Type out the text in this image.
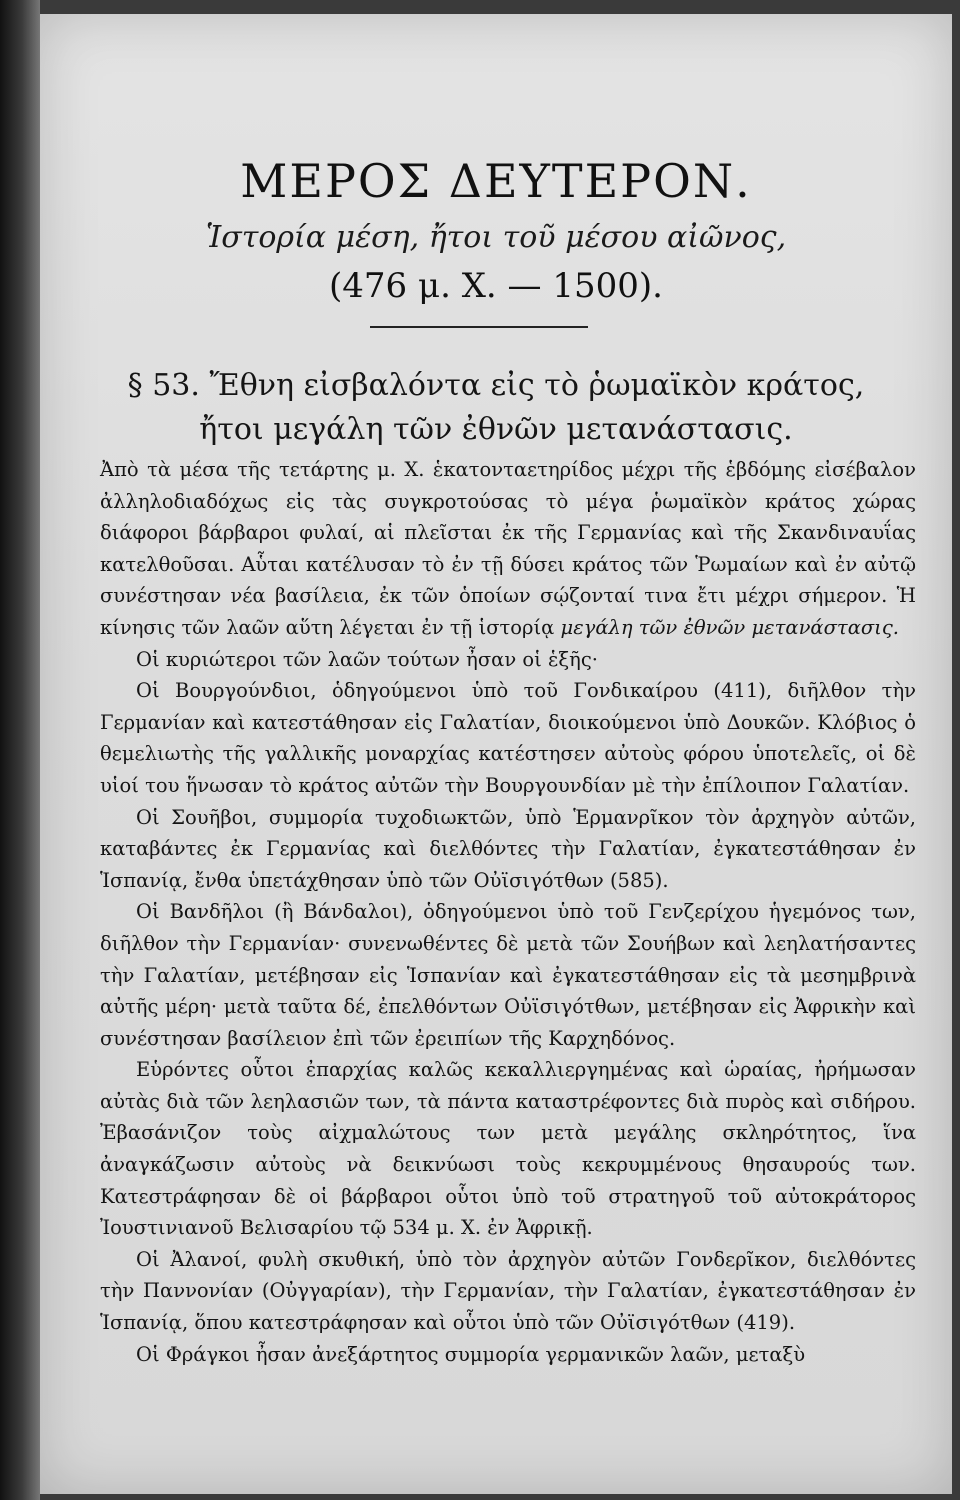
ΜΕΡΟΣ ΔΕΥΤΕΡΟΝ.
Ἱστορία μέση, ἤτοι τοῦ μέσου αἰῶνος,
(476 μ. Χ. — 1500).
§ 53. Ἔθνη εἰσβαλόντα εἰς τὸ ῥωμαϊκὸν κράτος,
ἤτοι μεγάλη τῶν ἐθνῶν μετανάστασις.

Ἀπὸ τὰ μέσα τῆς τετάρτης μ. Χ. ἑκατονταετηρίδος μέχρι τῆς ἑβδόμης εἰσέβαλον ἀλληλοδιαδόχως εἰς τὰς συγκροτούσας τὸ μέγα ῥωμαϊκὸν κράτος χώρας διάφοροι βάρβαροι φυλαί, αἱ πλεῖσται ἐκ τῆς Γερμανίας καὶ τῆς Σκανδιναυΐας κατελθοῦσαι. Αὗται κατέλυσαν τὸ ἐν τῇ δύσει κράτος τῶν Ῥωμαίων καὶ ἐν αὐτῷ συνέστησαν νέα βασίλεια, ἐκ τῶν ὁποίων σῴζονταί τινα ἔτι μέχρι σήμερον. Ἡ κίνησις τῶν λαῶν αὕτη λέγεται ἐν τῇ ἱστορίᾳ μεγάλη τῶν ἐθνῶν μετανάστασις.

Οἱ κυριώτεροι τῶν λαῶν τούτων ἦσαν οἱ ἑξῆς·

Οἱ Βουργούνδιοι, ὁδηγούμενοι ὑπὸ τοῦ Γονδικαίρου (411), διῆλθον τὴν Γερμανίαν καὶ κατεστάθησαν εἰς Γαλατίαν, διοικούμενοι ὑπὸ Δουκῶν. Κλόβιος ὁ θεμελιωτὴς τῆς γαλλικῆς μοναρχίας κατέστησεν αὐτοὺς φόρου ὑποτελεῖς, οἱ δὲ υἱοί του ἥνωσαν τὸ κράτος αὐτῶν τὴν Βουργουνδίαν μὲ τὴν ἐπίλοιπον Γαλατίαν.

Οἱ Σουῆβοι, συμμορία τυχοδιωκτῶν, ὑπὸ Ἑρμανρῖκον τὸν ἀρχηγὸν αὐτῶν, καταβάντες ἐκ Γερμανίας καὶ διελθόντες τὴν Γαλατίαν, ἐγκατεστάθησαν ἐν Ἱσπανίᾳ, ἔνθα ὑπετάχθησαν ὑπὸ τῶν Οὐϊσιγότθων (585).

Οἱ Βανδῆλοι (ἢ Βάνδαλοι), ὁδηγούμενοι ὑπὸ τοῦ Γενζερίχου ἡγεμόνος των, διῆλθον τὴν Γερμανίαν· συνενωθέντες δὲ μετὰ τῶν Σουήβων καὶ λεηλατήσαντες τὴν Γαλατίαν, μετέβησαν εἰς Ἱσπανίαν καὶ ἐγκατεστάθησαν εἰς τὰ μεσημβρινὰ αὐτῆς μέρη· μετὰ ταῦτα δέ, ἐπελθόντων Οὐϊσιγότθων, μετέβησαν εἰς Ἀφρικὴν καὶ συνέστησαν βασίλειον ἐπὶ τῶν ἐρειπίων τῆς Καρχηδόνος.

Εὑρόντες οὗτοι ἐπαρχίας καλῶς κεκαλλιεργημένας καὶ ὡραίας, ἠρήμωσαν αὐτὰς διὰ τῶν λεηλασιῶν των, τὰ πάντα καταστρέφοντες διὰ πυρὸς καὶ σιδήρου. Ἐβασάνιζον τοὺς αἰχμαλώτους των μετὰ μεγάλης σκληρότητος, ἵνα ἀναγκάζωσιν αὐτοὺς νὰ δεικνύωσι τοὺς κεκρυμμένους θησαυρούς των. Κατεστράφησαν δὲ οἱ βάρβαροι οὗτοι ὑπὸ τοῦ στρατηγοῦ τοῦ αὐτοκράτορος Ἰουστινιανοῦ Βελισαρίου τῷ 534 μ. Χ. ἐν Ἀφρικῇ.

Οἱ Ἀλανοί, φυλὴ σκυθική, ὑπὸ τὸν ἀρχηγὸν αὐτῶν Γονδερῖκον, διελθόντες τὴν Παννονίαν (Οὐγγαρίαν), τὴν Γερμανίαν, τὴν Γαλατίαν, ἐγκατεστάθησαν ἐν Ἱσπανίᾳ, ὅπου κατεστράφησαν καὶ οὗτοι ὑπὸ τῶν Οὐϊσιγότθων (419).

Οἱ Φράγκοι ἦσαν ἀνεξάρτητος συμμορία γερμανικῶν λαῶν, μεταξὺ
